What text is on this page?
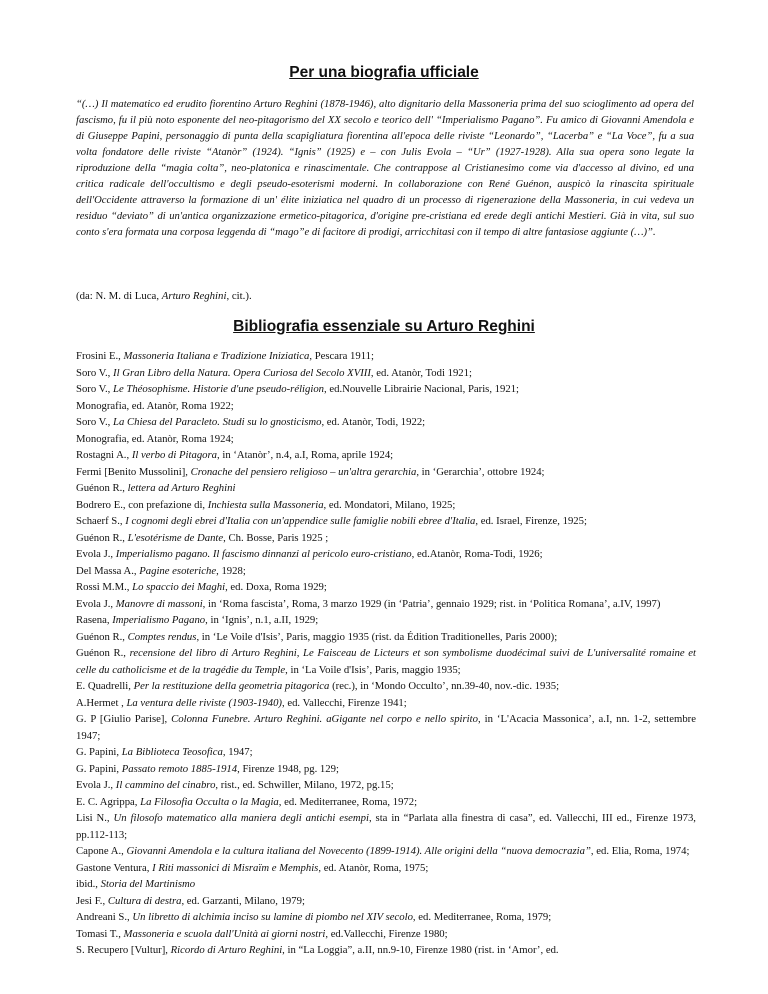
Per una biografia ufficiale
“(…) Il matematico ed erudito fiorentino Arturo Reghini (1878-1946), alto dignitario della Massoneria prima del suo scioglimento ad opera del fascismo, fu il più noto esponente del neo-pitagorismo del XX secolo e teorico dell' “Imperialismo Pagano”. Fu amico di Giovanni Amendola e di Giuseppe Papini, personaggio di punta della scapigliatura fiorentina all'epoca delle riviste “Leonardo”, “Lacerba” e “La Voce”, fu a sua volta fondatore delle riviste “Atanòr” (1924). “Ignis” (1925) e – con Julis Evola – “Ur” (1927-1928). Alla sua opera sono legate la riproduzione della “magia colta”, neo-platonica e rinascimentale. Che contrappose al Cristianesimo come via d'accesso al divino, ed una critica radicale dell'occultismo e degli pseudo-esoterismi moderni. In collaborazione con René Guénon, auspicò la rinascita spirituale dell'Occidente attraverso la formazione di un' élite iniziatica nel quadro di un processo di rigenerazione della Massoneria, in cui vedeva un residuo “deviato” di un'antica organizzazione ermetico-pitagorica, d'origine pre-cristiana ed erede degli antichi Mestieri. Già in vita, sul suo conto s'era formata una corposa leggenda di “mago”e di facitore di prodigi, arricchitasi con il tempo di altre fantasiose aggiunte (…)”.
(da: N. M. di Luca, Arturo Reghini, cit.).
Bibliografia essenziale su Arturo Reghini
Frosini E., Massoneria Italiana e Tradizione Iniziatica, Pescara 1911;
Soro V., Il Gran Libro della Natura. Opera Curiosa del Secolo XVIII, ed. Atanòr, Todi 1921;
Soro V., Le Théosophisme. Historie d'une pseudo-réligion, ed.Nouvelle Librairie Nacional, Paris, 1921;
Monografia, ed. Atanòr, Roma 1922;
Soro V., La Chiesa del Paracleto. Studi su lo gnosticismo, ed. Atanòr, Todi, 1922;
Monografia, ed. Atanòr, Roma 1924;
Rostagni A., Il verbo di Pitagora, in ‘Atanòr’, n.4, a.I, Roma, aprile 1924;
Fermi [Benito Mussolini], Cronache del pensiero religioso – un'altra gerarchia, in ‘Gerarchia’, ottobre 1924;
Guénon R., lettera ad Arturo Reghini
Bodrero E., con prefazione di, Inchiesta sulla Massoneria, ed. Mondatori, Milano, 1925;
Schaerf S., I cognomi degli ebrei d'Italia con un'appendice sulle famiglie nobili ebree d'Italia, ed. Israel, Firenze, 1925;
Guénon R., L'esotérisme de Dante, Ch. Bosse, Paris 1925 ;
Evola J., Imperialismo pagano. Il fascismo dinnanzi al pericolo euro-cristiano, ed.Atanòr, Roma-Todi, 1926;
Del Massa A., Pagine esoteriche, 1928;
Rossi M.M., Lo spaccio dei Maghi, ed. Doxa, Roma 1929;
Evola J., Manovre di massoni, in ‘Roma fascista’, Roma, 3 marzo 1929 (in ‘Patria’, gennaio 1929; rist. in ‘Politica Romana’, a.IV, 1997)
Rasena, Imperialismo Pagano, in ‘Ignis’, n.1, a.II, 1929;
Guénon R., Comptes rendus, in ‘Le Voile d'Isis’, Paris, maggio 1935 (rist. da Édition Traditionelles, Paris 2000);
Guénon R., recensione del libro di Arturo Reghini, Le Faisceau de Licteurs et son symbolisme duodécimal suivi de L'universalité romaine et celle du catholicisme et de la tragédie du Temple, in ‘La Voile d'Isis’, Paris, maggio 1935;
E. Quadrelli, Per la restituzione della geometria pitagorica (rec.), in ‘Mondo Occulto’, nn.39-40, nov.-dic. 1935;
A.Hermet , La ventura delle riviste (1903-1940), ed. Vallecchi, Firenze 1941;
G. P [Giulio Parise], Colonna Funebre. Arturo Reghini. aGigante nel corpo e nello spirito, in ‘L'Acacia Massonica’, a.I, nn. 1-2, settembre 1947;
G. Papini, La Biblioteca Teosofica, 1947;
G. Papini, Passato remoto 1885-1914, Firenze 1948, pg. 129;
Evola J., Il cammino del cinabro, rist., ed. Schwiller, Milano, 1972, pg.15;
E. C. Agrippa, La Filosofia Occulta o la Magia, ed. Mediterranee, Roma, 1972;
Lisi N., Un filosofo matematico alla maniera degli antichi esempi, sta in “Parlata alla finestra di casa”, ed. Vallecchi, III ed., Firenze 1973, pp.112-113;
Capone A., Giovanni Amendola e la cultura italiana del Novecento (1899-1914). Alle origini della “nuova democrazia”, ed. Elia, Roma, 1974;
Gastone Ventura, I Riti massonici di Misraïm e Memphis, ed. Atanòr, Roma, 1975;
ibid., Storia del Martinismo
Jesi F., Cultura di destra, ed. Garzanti, Milano, 1979;
Andreani S., Un libretto di alchimia inciso su lamine di piombo nel XIV secolo, ed. Mediterranee, Roma, 1979;
Tomasi T., Massoneria e scuola dall'Unità ai giorni nostri, ed.Vallecchi, Firenze 1980;
S. Recupero [Vultur], Ricordo di Arturo Reghini, in “La Loggia”, a.II, nn.9-10, Firenze 1980 (rist. in ‘Amor’, ed.
